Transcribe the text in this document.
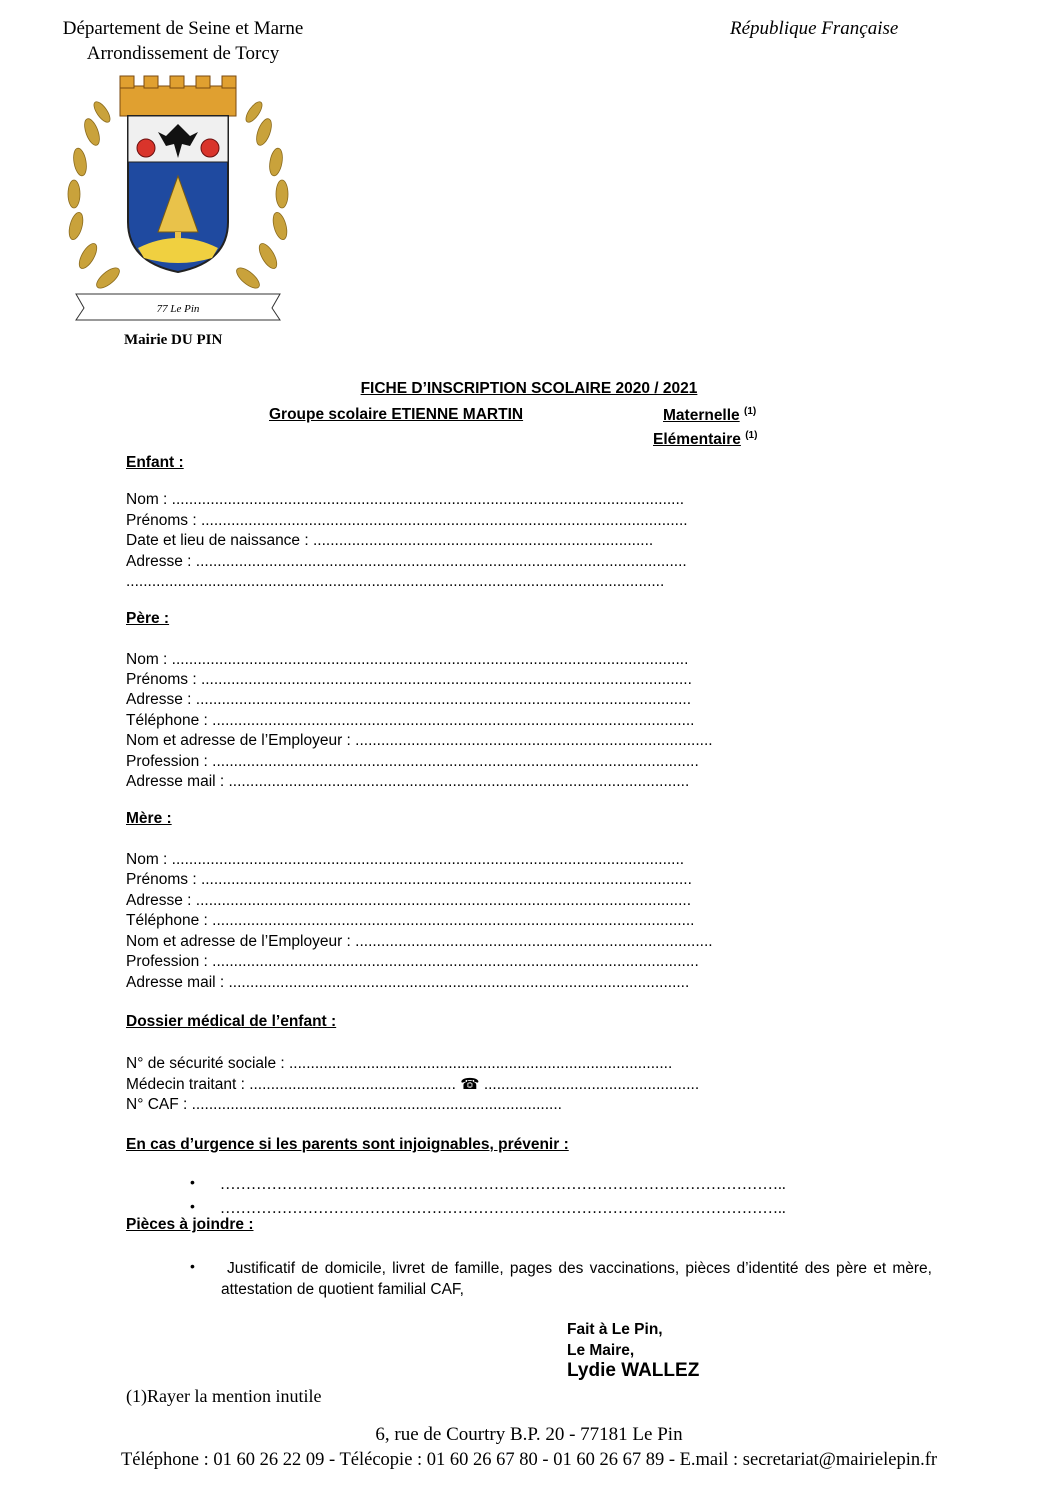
Département de Seine et Marne
Arrondissement de Torcy
République Française
77 Le Pin
Mairie DU PIN
FICHE D’INSCRIPTION SCOLAIRE 2020 / 2021
Groupe scolaire ETIENNE MARTIN	Maternelle $^{(1)}$
Elémentaire $^{(1)}$
Enfant :
Nom : .......................................................................................................................
Prénoms : .................................................................................................................
Date et lieu de naissance : ...............................................................................
Adresse : ..................................................................................................................
.............................................................................................................................
Père :
Nom : ........................................................................................................................
Prénoms : ..................................................................................................................
Adresse : ...................................................................................................................
Téléphone : ................................................................................................................
Nom et adresse de l’Employeur : ...................................................................................
Profession : .................................................................................................................
Adresse mail : ...........................................................................................................
Mère :
Nom : .......................................................................................................................
Prénoms : ..................................................................................................................
Adresse : ...................................................................................................................
Téléphone : ................................................................................................................
Nom et adresse de l’Employeur : ...................................................................................
Profession : .................................................................................................................
Adresse mail : ...........................................................................................................
Dossier médical de l’enfant :
N° de sécurité sociale : .........................................................................................
Médecin traitant : ................................................ ☎ ..................................................
N° CAF : ......................................................................................
En cas d’urgence si les parents sont injoignables, prévenir :
• ………………………………………………………………………………………………..
• ………………………………………………………………………………………………..
Pièces à joindre :
•	Justificatif de domicile, livret de famille, pages des vaccinations, pièces d’identité des père et mère, attestation de quotient familial CAF,
Fait à Le Pin,
Le Maire,
Lydie WALLEZ
(1)Rayer la mention inutile
6, rue de Courtry B.P. 20 - 77181 Le Pin
Téléphone : 01 60 26 22 09 - Télécopie : 01 60 26 67 80 - 01 60 26 67 89 - E.mail : secretariat@mairielepin.fr
